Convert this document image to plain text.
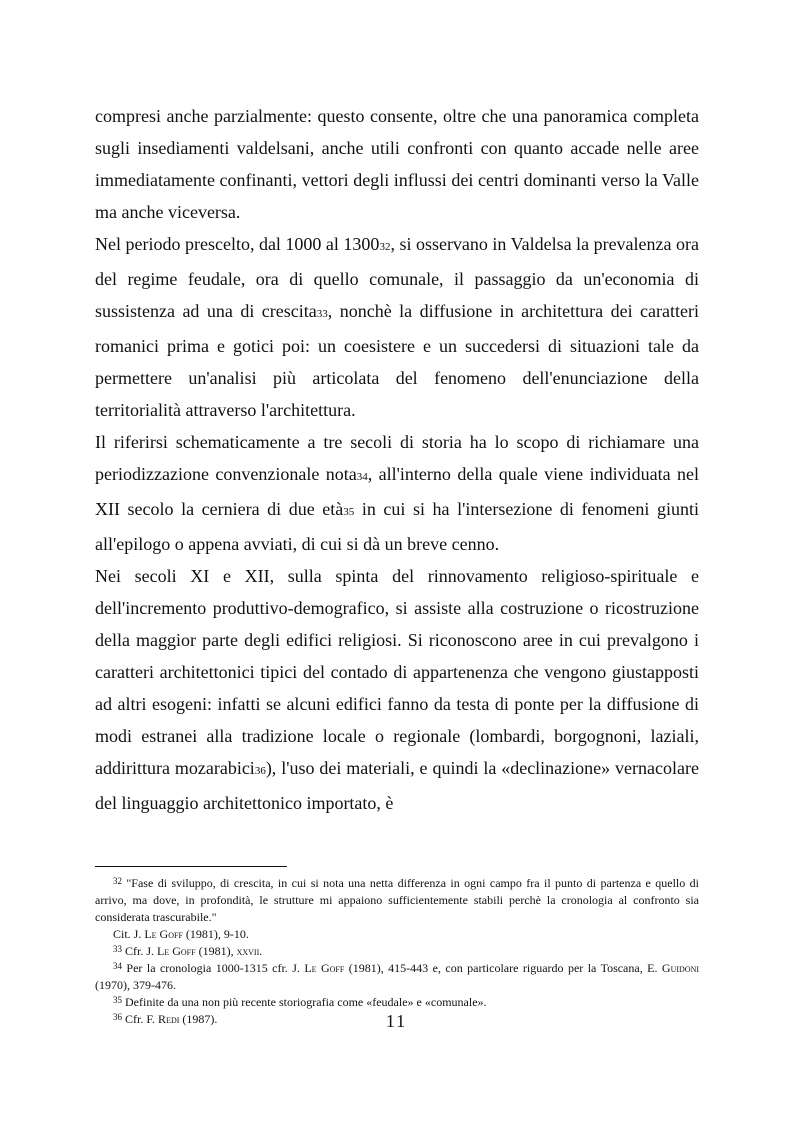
compresi anche parzialmente: questo consente, oltre che una panoramica completa sugli insediamenti valdelsani, anche utili confronti con quanto accade nelle aree immediatamente confinanti, vettori degli influssi dei centri dominanti verso la Valle ma anche viceversa.

Nel periodo prescelto, dal 1000 al 130032, si osservano in Valdelsa la prevalenza ora del regime feudale, ora di quello comunale, il passaggio da un'economia di sussistenza ad una di crescita33, nonchè la diffusione in architettura dei caratteri romanici prima e gotici poi: un coesistere e un succedersi di situazioni tale da permettere un'analisi più articolata del fenomeno dell'enunciazione della territorialità attraverso l'architettura.

Il riferirsi schematicamente a tre secoli di storia ha lo scopo di richiamare una periodizzazione convenzionale nota34, all'interno della quale viene individuata nel XII secolo la cerniera di due età35 in cui si ha l'intersezione di fenomeni giunti all'epilogo o appena avviati, di cui si dà un breve cenno.

Nei secoli XI e XII, sulla spinta del rinnovamento religioso-spirituale e dell'incremento produttivo-demografico, si assiste alla costruzione o ricostruzione della maggior parte degli edifici religiosi. Si riconoscono aree in cui prevalgono i caratteri architettonici tipici del contado di appartenenza che vengono giustapposti ad altri esogeni: infatti se alcuni edifici fanno da testa di ponte per la diffusione di modi estranei alla tradizione locale o regionale (lombardi, borgognoni, laziali, addirittura mozarabici36), l'uso dei materiali, e quindi la «declinazione» vernacolare del linguaggio architettonico importato, è

$^{32}$ "Fase di sviluppo, di crescita, in cui si nota una netta differenza in ogni campo fra il punto di partenza e quello di arrivo, ma dove, in profondità, le strutture mi appaiono sufficientemente stabili perchè la cronologia al confronto sia considerata trascurabile."

Cit. J. Le Goff (1981), 9-10.

$^{33}$ Cfr. J. Le Goff (1981), xxvii.

$^{34}$ Per la cronologia 1000-1315 cfr. J. Le Goff (1981), 415-443 e, con particolare riguardo per la Toscana, E. Guidoni (1970), 379-476.

$^{35}$ Definite da una non più recente storiografia come «feudale» e «comunale».

$^{36}$ Cfr. F. Redi (1987).	11
